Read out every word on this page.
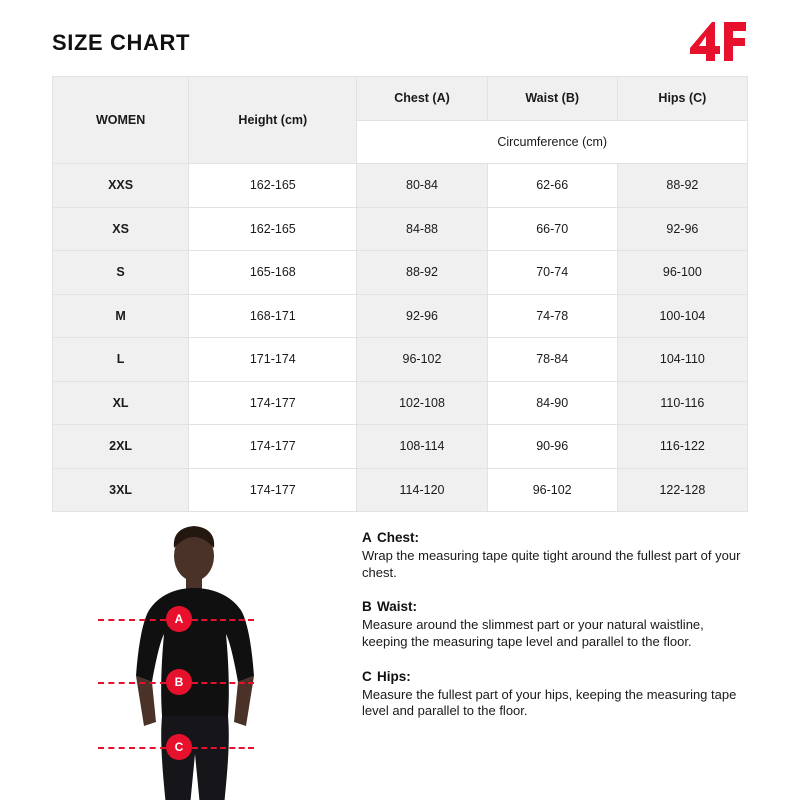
SIZE CHART
WOMEN	Height (cm)	Chest (A)	Waist (B)	Hips (C)
		Circumference (cm)		
XXS	162-165	80-84	62-66	88-92
XS	162-165	84-88	66-70	92-96
S	165-168	88-92	70-74	96-100
M	168-171	92-96	74-78	100-104
L	171-174	96-102	78-84	104-110
XL	174-177	102-108	84-90	110-116
2XL	174-177	108-114	90-96	116-122
3XL	174-177	114-120	96-102	122-128
A
B
C
A Chest:
Wrap the measuring tape quite tight around the fullest part of your chest.
B Waist:
Measure around the slimmest part or your natural waistline, keeping the measuring tape level and parallel to the floor.
C Hips:
Measure the fullest part of your hips, keeping the measuring tape level and parallel to the floor.
